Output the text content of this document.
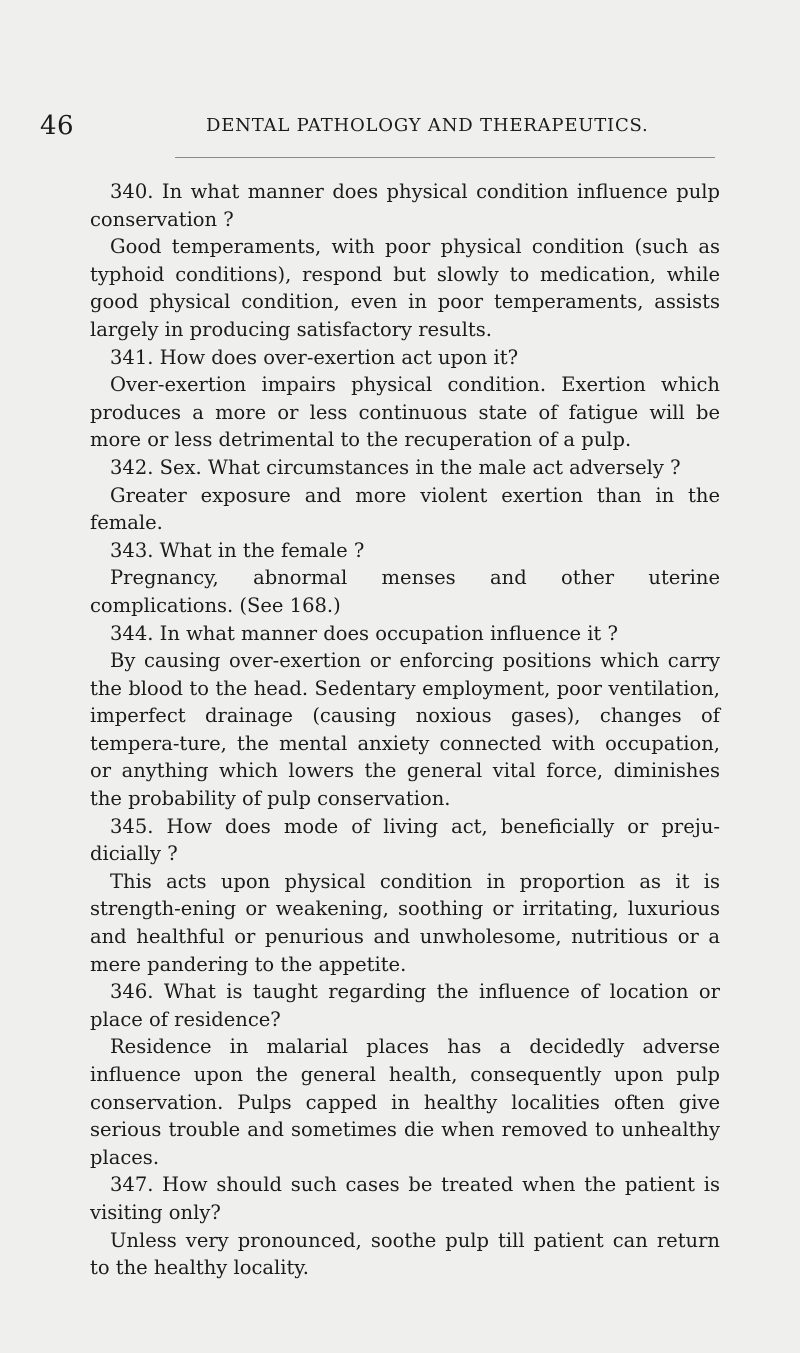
46	DENTAL PATHOLOGY AND THERAPEUTICS.

340. In what manner does physical condition influence pulp conservation ?

Good temperaments, with poor physical condition (such as typhoid conditions), respond but slowly to medication, while good physical condition, even in poor temperaments, assists largely in producing satisfactory results.

341. How does over-exertion act upon it?

Over-exertion impairs physical condition. Exertion which produces a more or less continuous state of fatigue will be more or less detrimental to the recuperation of a pulp.

342. Sex. What circumstances in the male act adversely ?

Greater exposure and more violent exertion than in the female.

343. What in the female ?

Pregnancy, abnormal menses and other uterine complications. (See 168.)

344. In what manner does occupation influence it ?

By causing over-exertion or enforcing positions which carry the blood to the head. Sedentary employment, poor ventilation, imperfect drainage (causing noxious gases), changes of tempera-ture, the mental anxiety connected with occupation, or anything which lowers the general vital force, diminishes the probability of pulp conservation.

345. How does mode of living act, beneficially or preju-dicially ?

This acts upon physical condition in proportion as it is strength-ening or weakening, soothing or irritating, luxurious and healthful or penurious and unwholesome, nutritious or a mere pandering to the appetite.

346. What is taught regarding the influence of location or place of residence?

Residence in malarial places has a decidedly adverse influence upon the general health, consequently upon pulp conservation. Pulps capped in healthy localities often give serious trouble and sometimes die when removed to unhealthy places.

347. How should such cases be treated when the patient is visiting only?

Unless very pronounced, soothe pulp till patient can return to the healthy locality.
